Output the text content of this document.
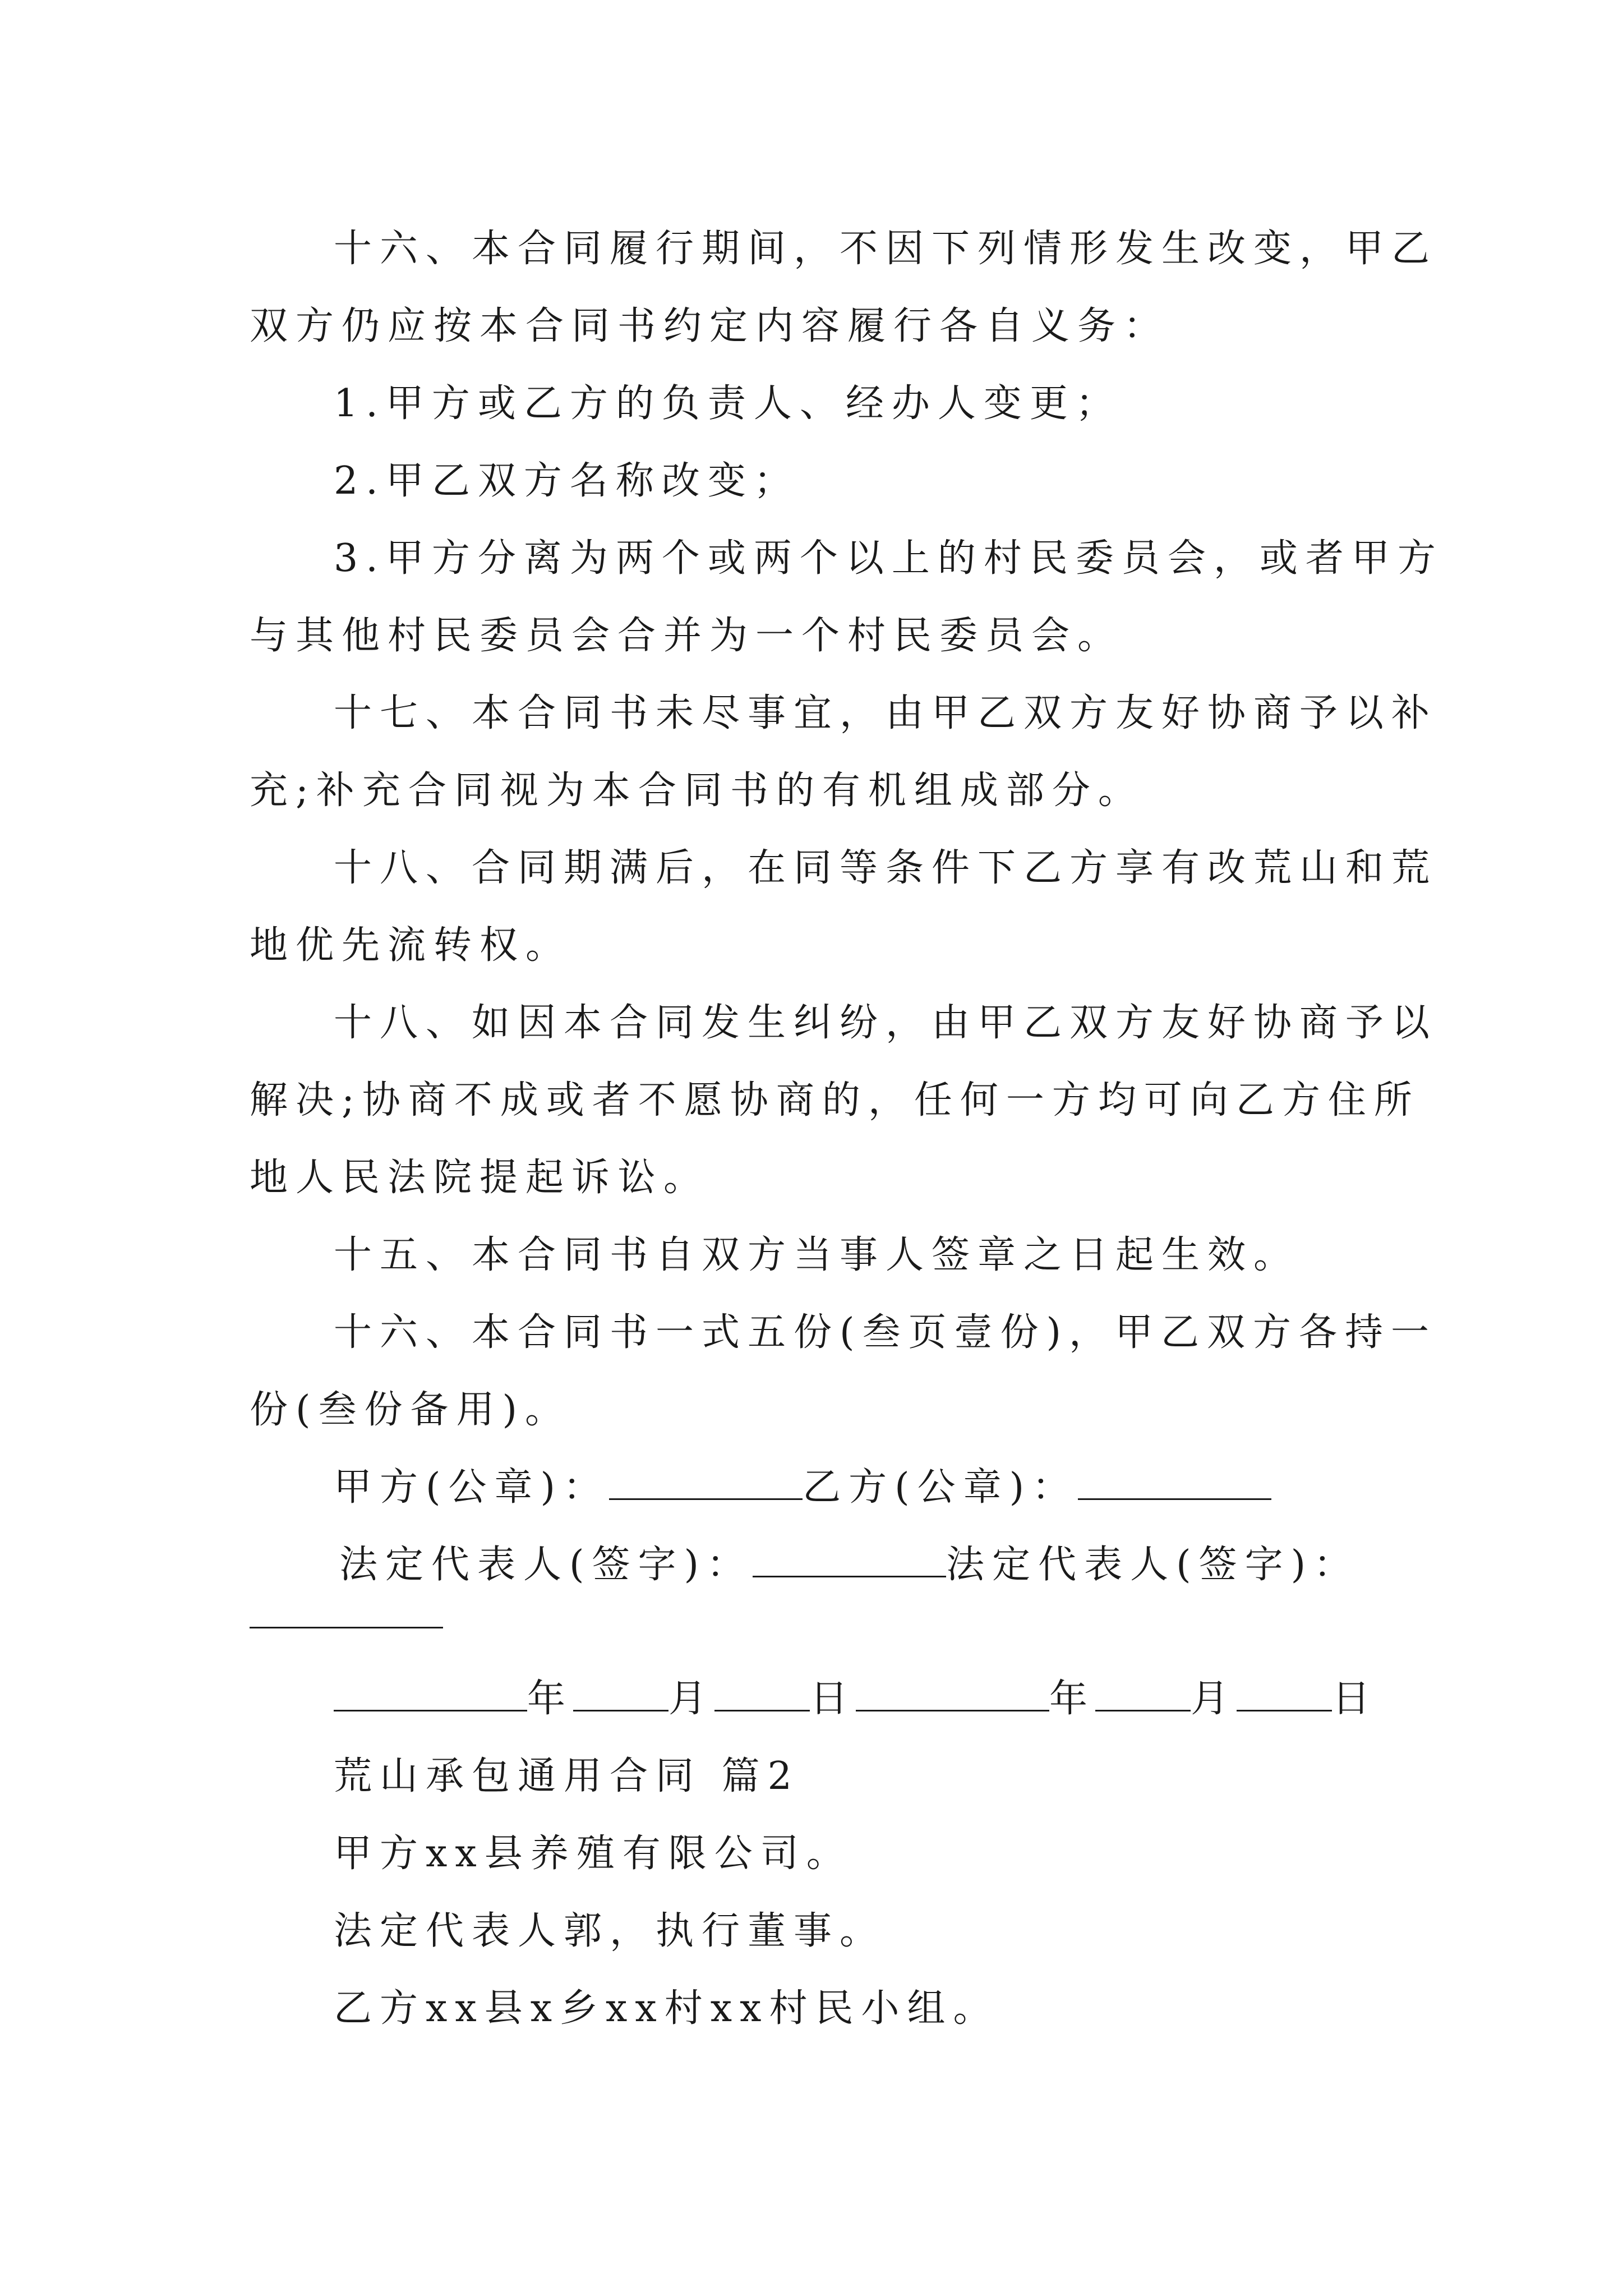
十六、本合同履行期间，不因下列情形发生改变，甲乙
双方仍应按本合同书约定内容履行各自义务：

1.甲方或乙方的负责人、经办人变更；

2.甲乙双方名称改变；

3.甲方分离为两个或两个以上的村民委员会，或者甲方
与其他村民委员会合并为一个村民委员会。

十七、本合同书未尽事宜，由甲乙双方友好协商予以补
充;补充合同视为本合同书的有机组成部分。

十八、合同期满后，在同等条件下乙方享有改荒山和荒
地优先流转权。

十八、如因本合同发生纠纷，由甲乙双方友好协商予以
解决;协商不成或者不愿协商的，任何一方均可向乙方住所
地人民法院提起诉讼。

十五、本合同书自双方当事人签章之日起生效。

十六、本合同书一式五份(叁页壹份)，甲乙双方各持一
份(叁份备用)。

甲方(公章)：	乙方(公章)：

法定代表人(签字)：	法定代表人(签字)：

年	月	日	年	月	日
荒山承包通用合同 篇2
甲方xx县养殖有限公司。
法定代表人郭，执行董事。
乙方xx县x乡xx村xx村民小组。
